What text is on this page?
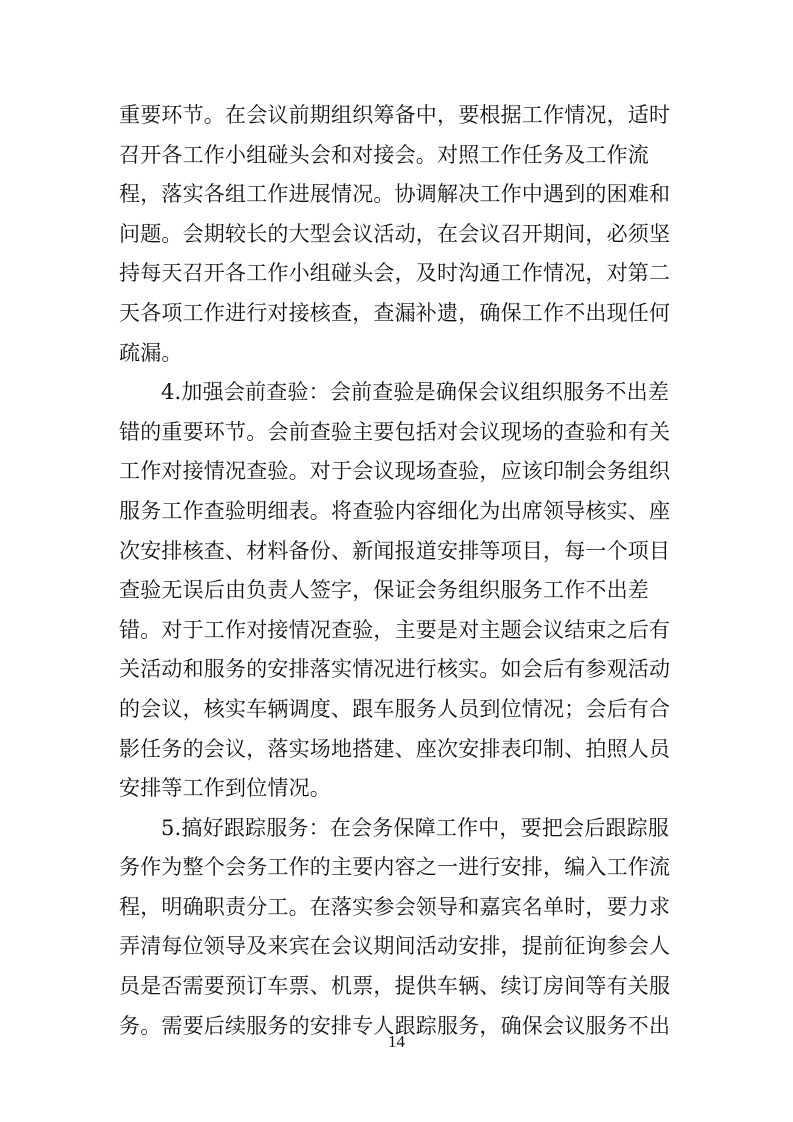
重要环节。在会议前期组织筹备中，要根据工作情况，适时
召开各工作小组碰头会和对接会。对照工作任务及工作流
程，落实各组工作进展情况。协调解决工作中遇到的困难和
问题。会期较长的大型会议活动，在会议召开期间，必须坚
持每天召开各工作小组碰头会，及时沟通工作情况，对第二
天各项工作进行对接核查，查漏补遗，确保工作不出现任何
疏漏。
4.加强会前查验：会前查验是确保会议组织服务不出差
错的重要环节。会前查验主要包括对会议现场的查验和有关
工作对接情况查验。对于会议现场查验，应该印制会务组织
服务工作查验明细表。将查验内容细化为出席领导核实、座
次安排核查、材料备份、新闻报道安排等项目，每一个项目
查验无误后由负责人签字，保证会务组织服务工作不出差
错。对于工作对接情况查验，主要是对主题会议结束之后有
关活动和服务的安排落实情况进行核实。如会后有参观活动
的会议，核实车辆调度、跟车服务人员到位情况；会后有合
影任务的会议，落实场地搭建、座次安排表印制、拍照人员
安排等工作到位情况。
5.搞好跟踪服务：在会务保障工作中，要把会后跟踪服
务作为整个会务工作的主要内容之一进行安排，编入工作流
程，明确职责分工。在落实参会领导和嘉宾名单时，要力求
弄清每位领导及来宾在会议期间活动安排，提前征询参会人
员是否需要预订车票、机票，提供车辆、续订房间等有关服
务。需要后续服务的安排专人跟踪服务，确保会议服务不出
14
